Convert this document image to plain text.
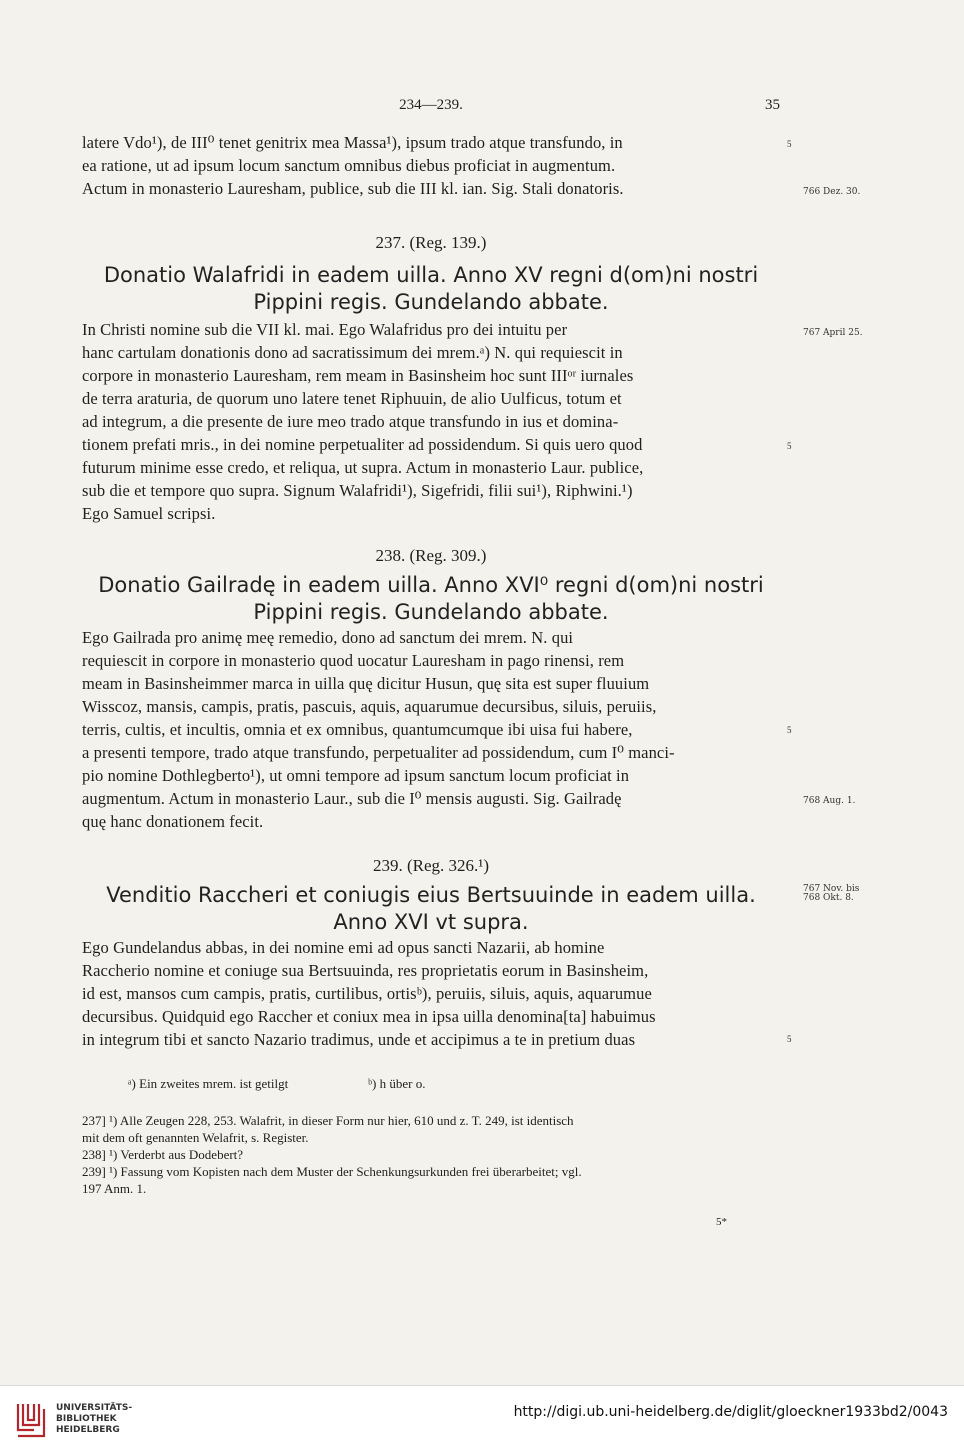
234—239.	35

latere Vdo¹), de III⁰ tenet genitrix mea Massa¹), ipsum trado atque transfundo, in

ea ratione, ut ad ipsum locum sanctum omnibus diebus proficiat in augmentum.

Actum in monasterio Lauresham, publice, sub die III kl. ian. Sig. Stali donatoris.

5
766 Dez. 30.

237. (Reg. 139.)

Donatio Walafridi in eadem uilla. Anno XV regni d(om)ni nostri

Pippini regis. Gundelando abbate.

In Christi nomine sub die VII kl. mai. Ego Walafridus pro dei intuitu per

hanc cartulam donationis dono ad sacratissimum dei mrem.ᵃ) N. qui requiescit in

corpore in monasterio Lauresham, rem meam in Basinsheim hoc sunt IIIᵒʳ iurnales

de terra araturia, de quorum uno latere tenet Riphuuin, de alio Uulficus, totum et

ad integrum, a die presente de iure meo trado atque transfundo in ius et domina-

tionem prefati mris., in dei nomine perpetualiter ad possidendum. Si quis uero quod

futurum minime esse credo, et reliqua, ut supra. Actum in monasterio Laur. publice,

sub die et tempore quo supra. Signum Walafridi¹), Sigefridi, filii sui¹), Riphwini.¹)

Ego Samuel scripsi.

767 April 25.
5

238. (Reg. 309.)

Donatio Gailradę in eadem uilla. Anno XVI⁰ regni d(om)ni nostri

Pippini regis. Gundelando abbate.

Ego Gailrada pro animę meę remedio, dono ad sanctum dei mrem. N. qui

requiescit in corpore in monasterio quod uocatur Lauresham in pago rinensi, rem

meam in Basinsheimmer marca in uilla quę dicitur Husun, quę sita est super fluuium

Wisscoz, mansis, campis, pratis, pascuis, aquis, aquarumue decursibus, siluis, peruiis,

terris, cultis, et incultis, omnia et ex omnibus, quantumcumque ibi uisa fui habere,

a presenti tempore, trado atque transfundo, perpetualiter ad possidendum, cum I⁰ manci-

pio nomine Dothlegberto¹), ut omni tempore ad ipsum sanctum locum proficiat in

augmentum. Actum in monasterio Laur., sub die I⁰ mensis augusti. Sig. Gailradę

quę hanc donationem fecit.

5
768 Aug. 1.

239. (Reg. 326.¹)

Venditio Raccheri et coniugis eius Bertsuuinde in eadem uilla.

Anno XVI vt supra.

767 Nov. bis
768 Okt. 8.

Ego Gundelandus abbas, in dei nomine emi ad opus sancti Nazarii, ab homine

Raccherio nomine et coniuge sua Bertsuuinda, res proprietatis eorum in Basinsheim,

id est, mansos cum campis, pratis, curtilibus, ortisᵇ), peruiis, siluis, aquis, aquarumue

decursibus. Quidquid ego Raccher et coniux mea in ipsa uilla denomina[ta] habuimus

in integrum tibi et sancto Nazario tradimus, unde et accipimus a te in pretium duas	5
ᵃ) Ein zweites mrem. ist getilgt	ᵇ) h über o.

237] ¹) Alle Zeugen 228, 253. Walafrit, in dieser Form nur hier, 610 und z. T. 249, ist identisch

mit dem oft genannten Welafrit, s. Register.

238] ¹) Verderbt aus Dodebert?

239] ¹) Fassung vom Kopisten nach dem Muster der Schenkungsurkunden frei überarbeitet; vgl.

197 Anm. 1.

5*
UNIVERSITÄTS-
BIBLIOTHEK
HEIDELBERG
http://digi.ub.uni-heidelberg.de/diglit/gloeckner1933bd2/0043
